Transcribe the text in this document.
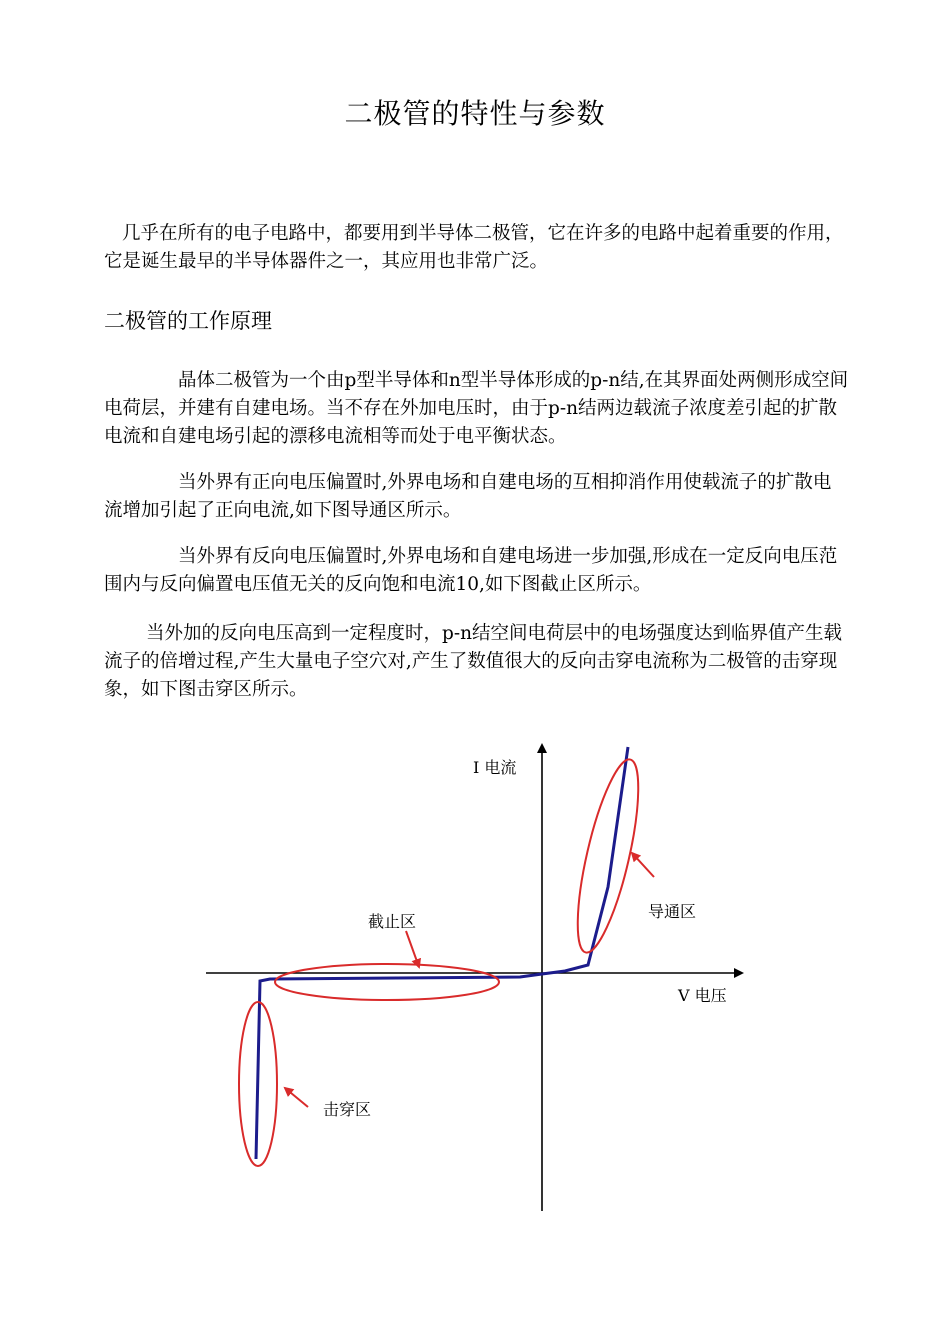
二极管的特性与参数

几乎在所有的电子电路中，都要用到半导体二极管，它在许多的电路中起着重要的作用，它是诞生最早的半导体器件之一，其应用也非常广泛。

二极管的工作原理

晶体二极管为一个由p型半导体和n型半导体形成的p-n结,在其界面处两侧形成空间电荷层，并建有自建电场。当不存在外加电压时，由于p-n结两边载流子浓度差引起的扩散电流和自建电场引起的漂移电流相等而处于电平衡状态。

当外界有正向电压偏置时,外界电场和自建电场的互相抑消作用使载流子的扩散电流增加引起了正向电流,如下图导通区所示。

当外界有反向电压偏置时,外界电场和自建电场进一步加强,形成在一定反向电压范围内与反向偏置电压值无关的反向饱和电流10,如下图截止区所示。

当外加的反向电压高到一定程度时，p-n结空间电荷层中的电场强度达到临界值产生载流子的倍增过程,产生大量电子空穴对,产生了数值很大的反向击穿电流称为二极管的击穿现象，如下图击穿区所示。

I 电流
V 电压
截止区
导通区
击穿区
